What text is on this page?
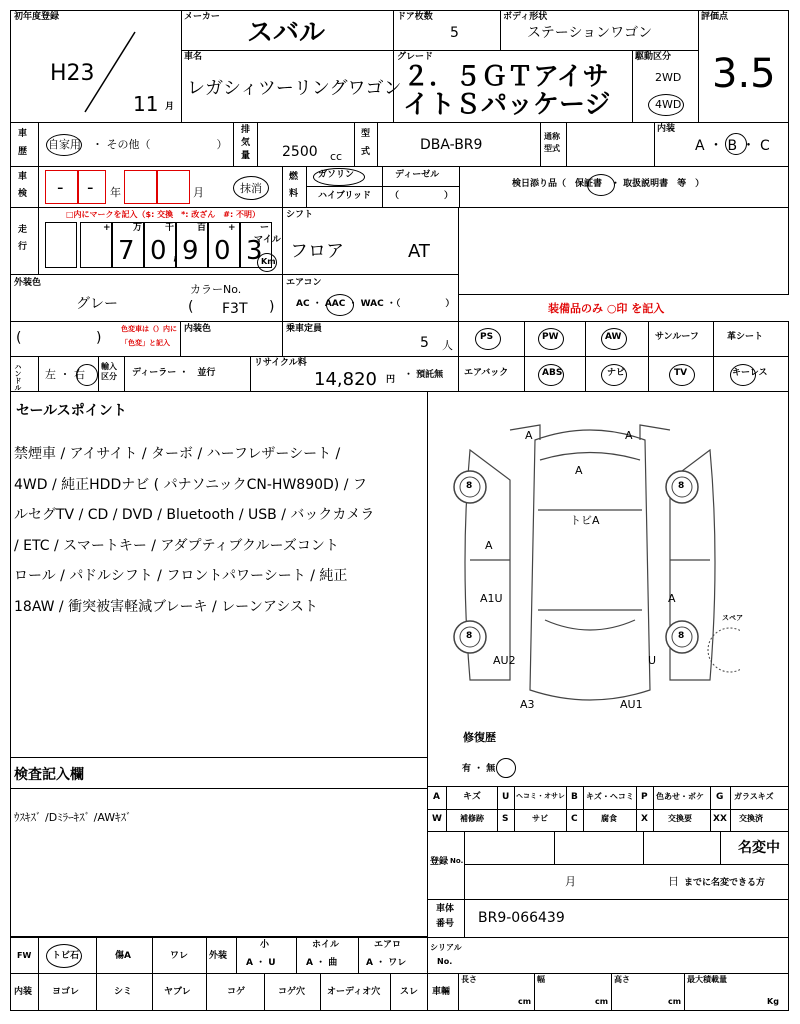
初年度登録
H23
11 月
メーカー
スバル
ドア枚数
5
ボディ形状
ステーションワゴン
評価点
3.5
車名
レガシィツーリングワゴン
グレード
２．５ＧＴアイサ
イトＳパッケージ
駆動区分
2WD
4WD
車
歴
自家用　・ その他（　　　　　　）
排
気
量 2500 cc
型
式	DBA-BR9
通称
型式
内装
A ・ B ・ C
車
検 - - 年	月	抹消
燃
料
ガソリン	ディーゼル
ハイブリッド （　　　　　）
検日添り品（　保証書　・ 取扱説明書　等　）
走
行
□内にマークを記入（$: 交換　*: 改ざん　#: 不明）
+ 万	千	百 +	ー
7 0 , 9 0 3
マイル
Km
シフト
フロア	AT
外装色
グレー
カラーNo.
( F3T )
エアコン
AC ・ AAC ・ WAC ・（　　　　　）
(	)
色変車は（）内に
「色変」と記入
内装色	乗車定員
5 人
装備品のみ ○印 を記入
PS	PW	AW	サンルーフ	革シート
エアバック	ABS	ナビ	TV	キーレス
ハンドル 左 ・ 右
輸入区分	ディーラー ・　並行
リサイクル料
14,820 円 ・ 預託無
セールスポイント
禁煙車 / アイサイト / ターボ / ハーフレザーシート /
4WD / 純正HDDナビ ( パナソニックCN-HW890D) / フ
ルセグTV / CD / DVD / Bluetooth / USB / バックカメラ
/ ETC / スマートキー / アダプティブクルーズコント
ロール / パドルシフト / フロントパワーシート / 純正
18AW / 衝突被害軽減ブレーキ / レーンアシスト
A	A
A
トビA
A
A1U	A
AU2	U
A3	AU1
8	8
8	8
スペア
修復歴
有 ・ 無
検査記入欄
ｳｽｷｽﾞ /Dﾐﾗｰｷｽﾞ /AWｷｽﾞ
A	キズ U ヘコミ・オサレ B キズ・ヘコミ P 色あせ・ボケ G ガラスキズ
W 補修跡 S	サビ	C	腐食	X	交換要 XX 交換済
登録 No.
名変中
月	日 までに名変できる方
車体
番号 BR9-066439
FW トビ石	傷A	ワレ 外装
小
A ・ U
ホイル
A ・ 曲
エアロ
A ・ ワレ
シリアル
No.
内装 ヨゴレ	シミ	ヤブレ	コゲ	コゲ穴 オーディオ穴 スレ 車輛
長さ
cm
幅
cm
高さ
cm
最大積載量
Kg
